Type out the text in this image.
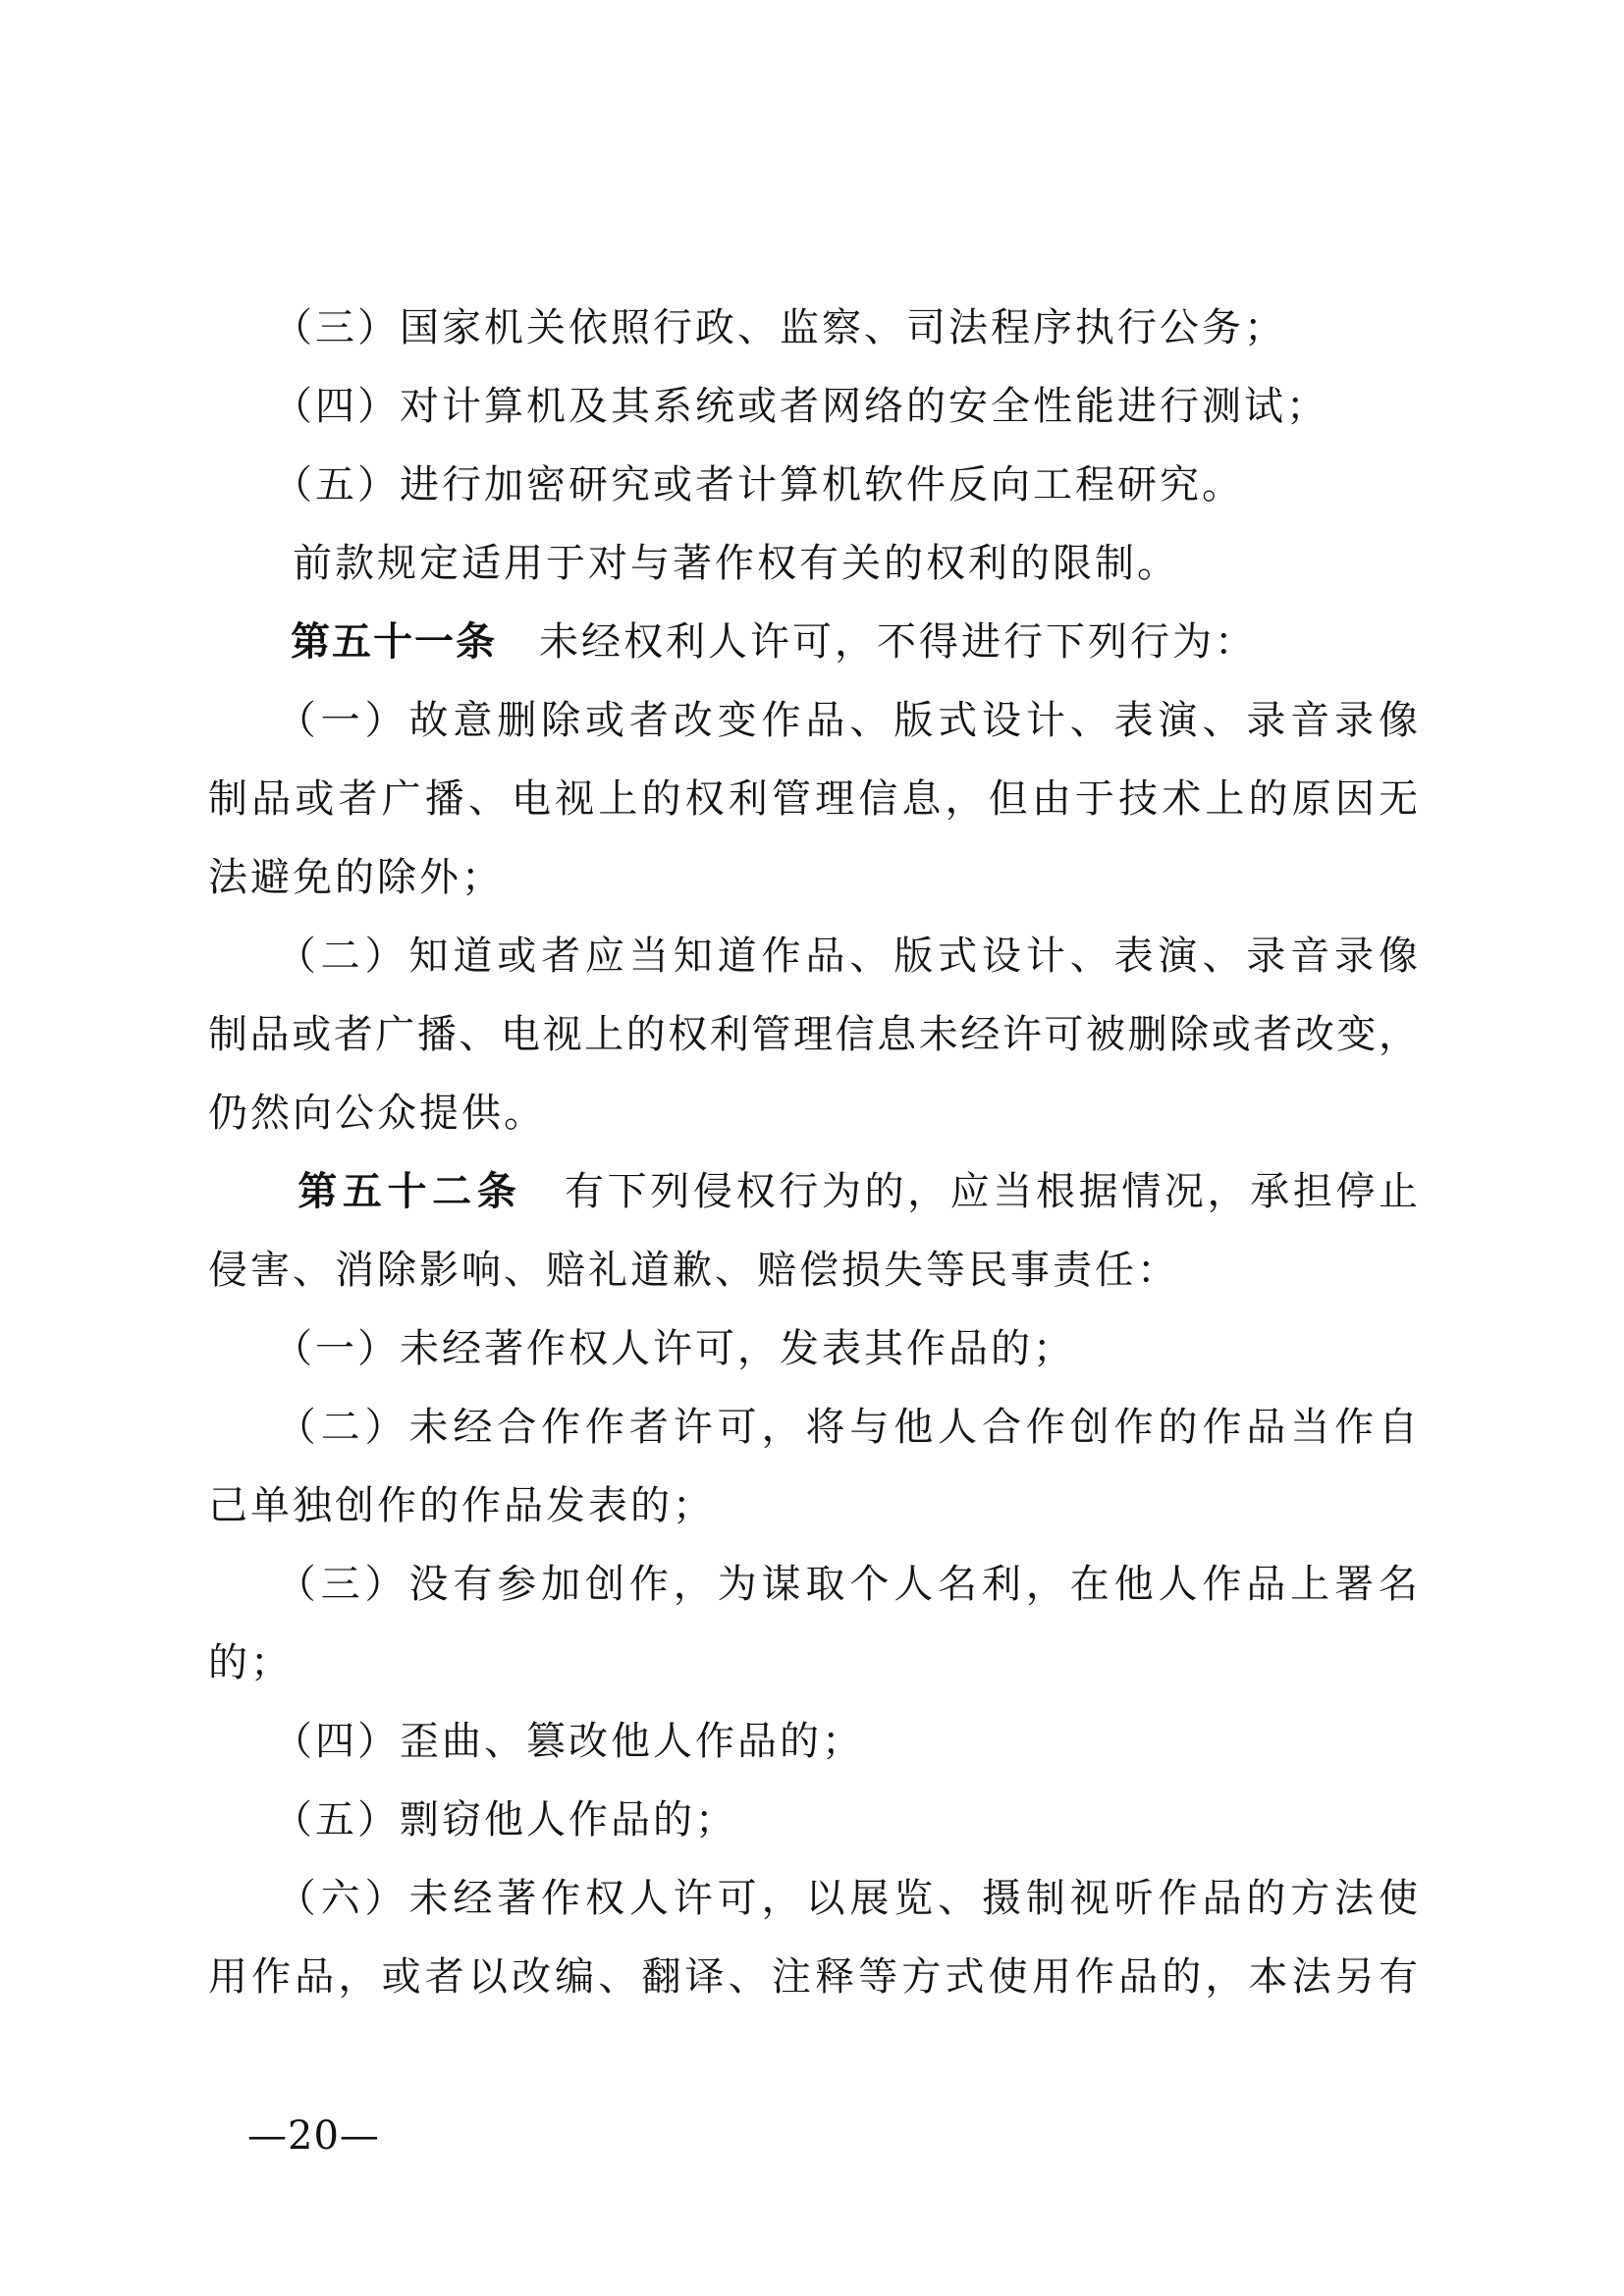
　　（三）国家机关依照行政、监察、司法程序执行公务；
　　（四）对计算机及其系统或者网络的安全性能进行测试；
　　（五）进行加密研究或者计算机软件反向工程研究。
　　前款规定适用于对与著作权有关的权利的限制。
　　第五十一条　未经权利人许可，不得进行下列行为：
　　（一）故意删除或者改变作品、版式设计、表演、录音录像
制品或者广播、电视上的权利管理信息，但由于技术上的原因无
法避免的除外；
　　（二）知道或者应当知道作品、版式设计、表演、录音录像
制品或者广播、电视上的权利管理信息未经许可被删除或者改变，
仍然向公众提供。
　　第五十二条　有下列侵权行为的，应当根据情况，承担停止
侵害、消除影响、赔礼道歉、赔偿损失等民事责任：
　　（一）未经著作权人许可，发表其作品的；
　　（二）未经合作作者许可，将与他人合作创作的作品当作自
己单独创作的作品发表的；
　　（三）没有参加创作，为谋取个人名利，在他人作品上署名
的；
　　（四）歪曲、篡改他人作品的；
　　（五）剽窃他人作品的；
　　（六）未经著作权人许可，以展览、摄制视听作品的方法使
用作品，或者以改编、翻译、注释等方式使用作品的，本法另有
—20—
